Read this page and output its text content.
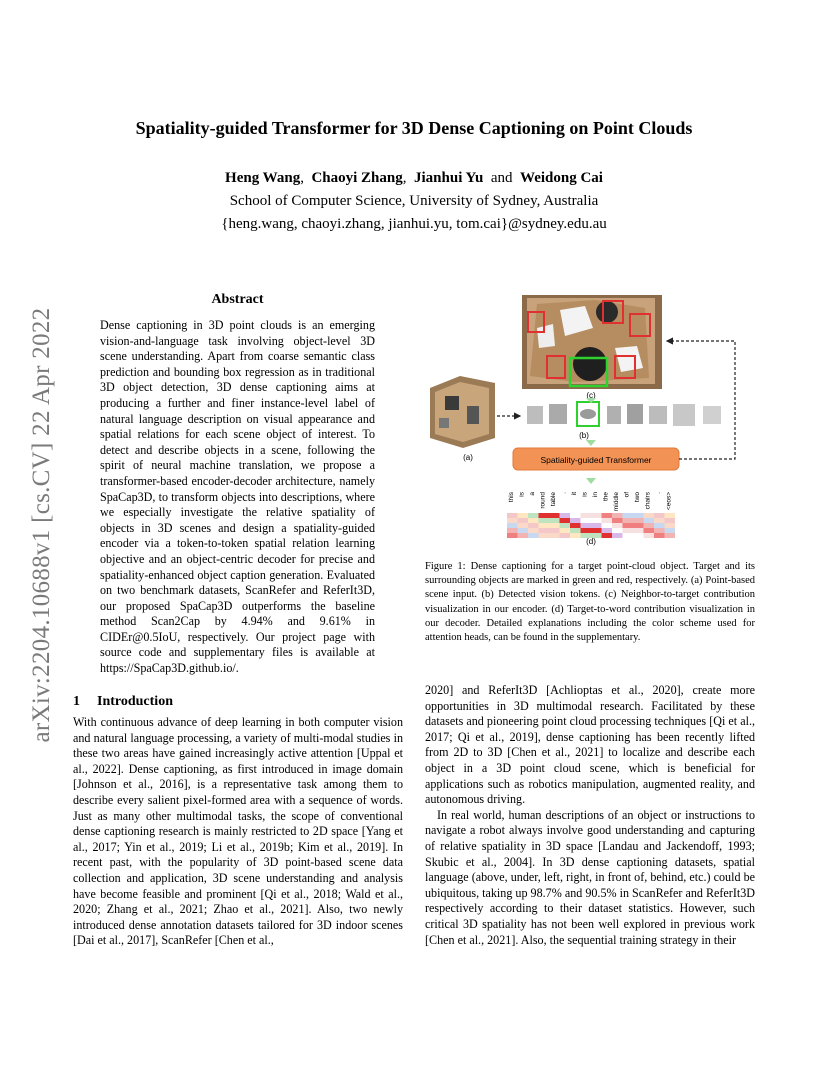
arXiv:2204.10688v1 [cs.CV] 22 Apr 2022
Spatiality-guided Transformer for 3D Dense Captioning on Point Clouds
Heng Wang, Chaoyi Zhang, Jianhui Yu and Weidong Cai
School of Computer Science, University of Sydney, Australia
{heng.wang, chaoyi.zhang, jianhui.yu, tom.cai}@sydney.edu.au
Abstract
Dense captioning in 3D point clouds is an emerging vision-and-language task involving object-level 3D scene understanding. Apart from coarse semantic class prediction and bounding box regression as in traditional 3D object detection, 3D dense captioning aims at producing a further and finer instance-level label of natural language description on visual appearance and spatial relations for each scene object of interest. To detect and describe objects in a scene, following the spirit of neural machine translation, we propose a transformer-based encoder-decoder architecture, namely SpaCap3D, to transform objects into descriptions, where we especially investigate the relative spatiality of objects in 3D scenes and design a spatiality-guided encoder via a token-to-token spatial relation learning objective and an object-centric decoder for precise and spatiality-enhanced object caption generation. Evaluated on two benchmark datasets, ScanRefer and ReferIt3D, our proposed SpaCap3D outperforms the baseline method Scan2Cap by 4.94% and 9.61% in CIDEr@0.5IoU, respectively. Our project page with source code and supplementary files is available at https://SpaCap3D.github.io/.
1 Introduction
With continuous advance of deep learning in both computer vision and natural language processing, a variety of multi-modal studies in these two areas have gained increasingly active attention [Uppal et al., 2022]. Dense captioning, as first introduced in image domain [Johnson et al., 2016], is a representative task among them to describe every salient pixel-formed area with a sequence of words. Just as many other multimodal tasks, the scope of conventional dense captioning research is mainly restricted to 2D space [Yang et al., 2017; Yin et al., 2019; Li et al., 2019b; Kim et al., 2019]. In recent past, with the popularity of 3D point-based scene data collection and application, 3D scene understanding and analysis have become feasible and prominent [Qi et al., 2018; Wald et al., 2020; Zhang et al., 2021; Zhao et al., 2021]. Also, two newly introduced dense annotation datasets tailored for 3D indoor scenes [Dai et al., 2017], ScanRefer [Chen et al.,

2020] and ReferIt3D [Achlioptas et al., 2020], create more opportunities in 3D multimodal research. Facilitated by these datasets and pioneering point cloud processing techniques [Qi et al., 2017; Qi et al., 2019], dense captioning has been recently lifted from 2D to 3D [Chen et al., 2021] to localize and describe each object in a 3D point cloud scene, which is beneficial for applications such as robotics manipulation, augmented reality, and autonomous driving.

In real world, human descriptions of an object or instructions to navigate a robot always involve good understanding and capturing of relative spatiality in 3D space [Landau and Jackendoff, 1993; Skubic et al., 2004]. In 3D dense captioning datasets, spatial language (above, under, left, right, in front of, behind, etc.) could be ubiquitous, taking up 98.7% and 90.5% in ScanRefer and ReferIt3D respectively according to their dataset statistics. However, such critical 3D spatiality has not been well explored in previous work [Chen et al., 2021]. Also, the sequential training strategy in their

(c)
(a)
(b)
Spatiality-guided Transformer
this is a round table . it is in the middle of two chairs . <eos>
(d)
Figure 1: Dense captioning for a target point-cloud object. Target and its surrounding objects are marked in green and red, respectively. (a) Point-based scene input. (b) Detected vision tokens. (c) Neighbor-to-target contribution visualization in our encoder. (d) Target-to-word contribution visualization in our decoder. Detailed explanations including the color scheme used for attention heads, can be found in the supplementary.
